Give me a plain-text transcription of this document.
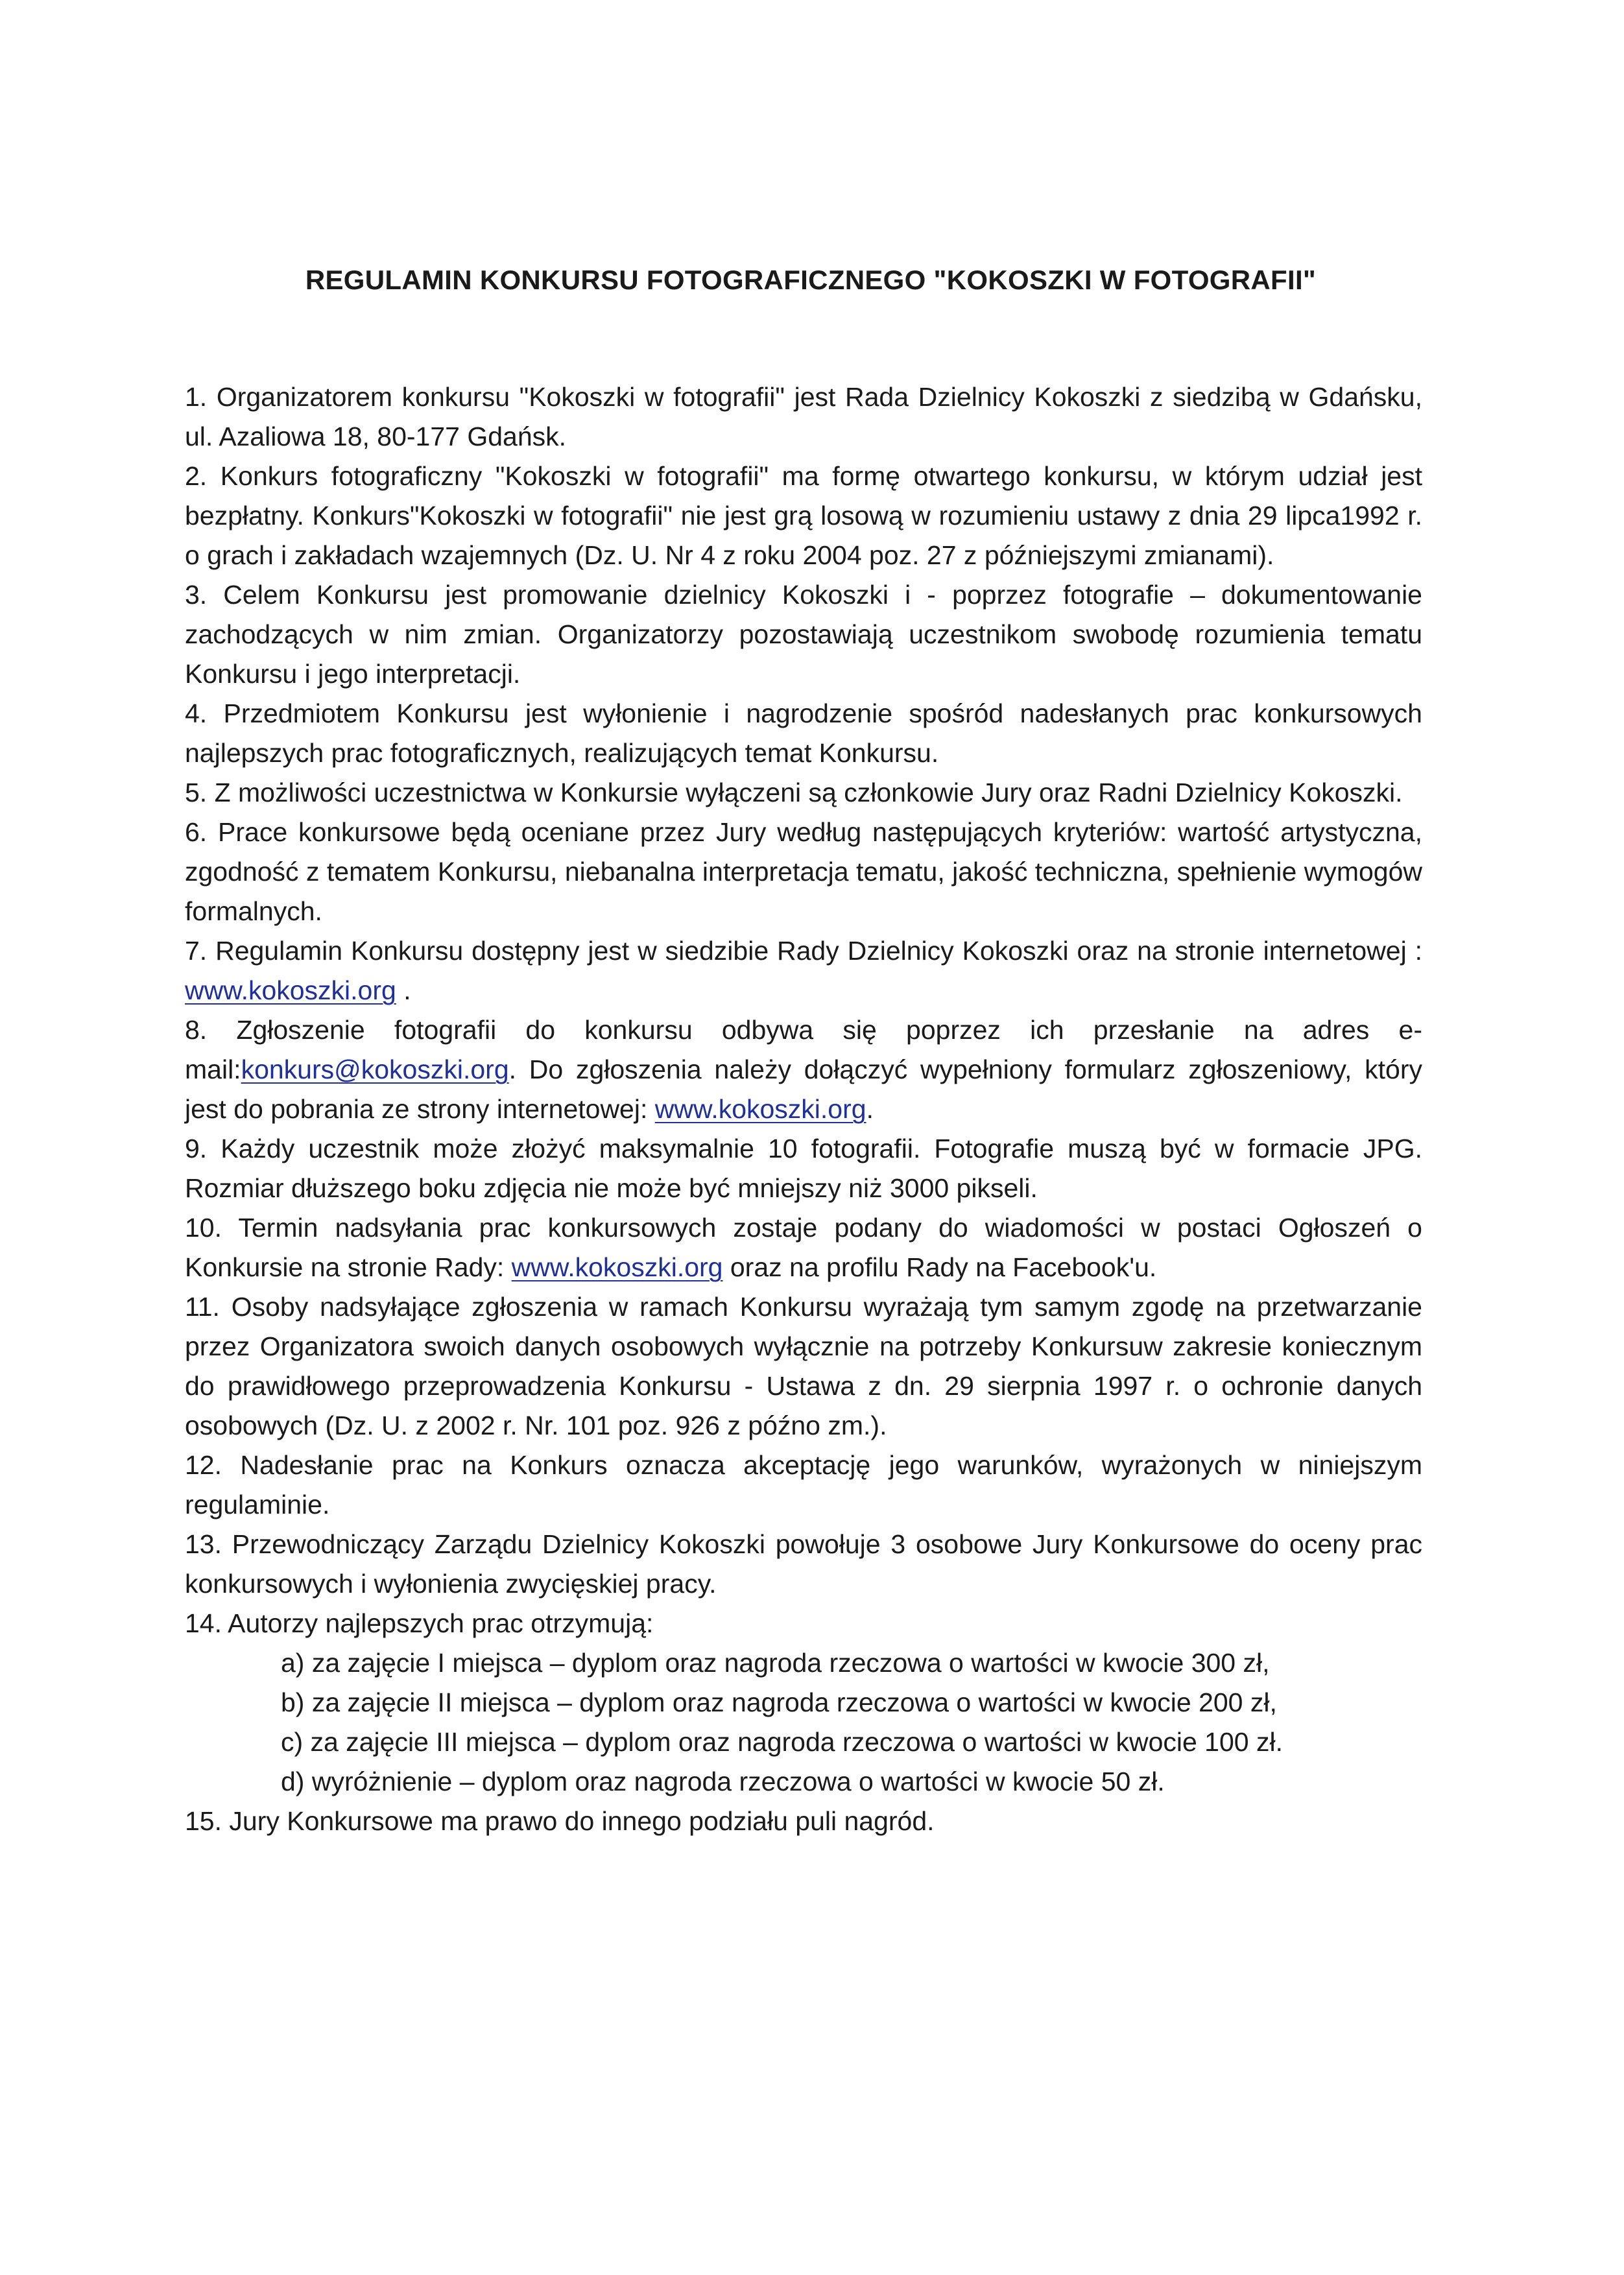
REGULAMIN KONKURSU FOTOGRAFICZNEGO "KOKOSZKI W FOTOGRAFII"

1. Organizatorem konkursu "Kokoszki w fotografii" jest Rada Dzielnicy Kokoszki z siedzibą w Gdańsku, ul. Azaliowa 18, 80-177 Gdańsk.

2. Konkurs fotograficzny "Kokoszki w fotografii" ma formę otwartego konkursu, w którym udział jest bezpłatny. Konkurs"Kokoszki w fotografii" nie jest grą losową w rozumieniu ustawy z dnia 29 lipca1992 r. o grach i zakładach wzajemnych (Dz. U. Nr 4 z roku 2004 poz. 27 z późniejszymi zmianami).

3. Celem Konkursu jest promowanie dzielnicy Kokoszki i - poprzez fotografie – dokumentowanie zachodzących w nim zmian. Organizatorzy pozostawiają uczestnikom swobodę rozumienia tematu Konkursu i jego interpretacji.

4. Przedmiotem Konkursu jest wyłonienie i nagrodzenie spośród nadesłanych prac konkursowych najlepszych prac fotograficznych, realizujących temat Konkursu.

5. Z możliwości uczestnictwa w Konkursie wyłączeni są członkowie Jury oraz Radni Dzielnicy Kokoszki.

6. Prace konkursowe będą oceniane przez Jury według następujących kryteriów: wartość artystyczna, zgodność z tematem Konkursu, niebanalna interpretacja tematu, jakość techniczna, spełnienie wymogów formalnych.

7. Regulamin Konkursu dostępny jest w siedzibie Rady Dzielnicy Kokoszki oraz na stronie internetowej : www.kokoszki.org .

8. Zgłoszenie fotografii do konkursu odbywa się poprzez ich przesłanie na adres e-mail:konkurs@kokoszki.org. Do zgłoszenia należy dołączyć wypełniony formularz zgłoszeniowy, który jest do pobrania ze strony internetowej: www.kokoszki.org.

9. Każdy uczestnik może złożyć maksymalnie 10 fotografii. Fotografie muszą być w formacie JPG. Rozmiar dłuższego boku zdjęcia nie może być mniejszy niż 3000 pikseli.

10. Termin nadsyłania prac konkursowych zostaje podany do wiadomości w postaci Ogłoszeń o Konkursie na stronie Rady: www.kokoszki.org oraz na profilu Rady na Facebook'u.

11. Osoby nadsyłające zgłoszenia w ramach Konkursu wyrażają tym samym zgodę na przetwarzanie przez Organizatora swoich danych osobowych wyłącznie na potrzeby Konkursuw zakresie koniecznym do prawidłowego przeprowadzenia Konkursu - Ustawa z dn. 29 sierpnia 1997 r. o ochronie danych osobowych (Dz. U. z 2002 r. Nr. 101 poz. 926 z późno zm.).

12. Nadesłanie prac na Konkurs oznacza akceptację jego warunków, wyrażonych w niniejszym regulaminie.

13. Przewodniczący Zarządu Dzielnicy Kokoszki powołuje 3 osobowe Jury Konkursowe do oceny prac konkursowych i wyłonienia zwycięskiej pracy.

14. Autorzy najlepszych prac otrzymują:

a) za zajęcie I miejsca – dyplom oraz nagroda rzeczowa o wartości w kwocie 300 zł,

b) za zajęcie II miejsca – dyplom oraz nagroda rzeczowa o wartości w kwocie 200 zł,

c) za zajęcie III miejsca – dyplom oraz nagroda rzeczowa o wartości w kwocie 100 zł.

d) wyróżnienie – dyplom oraz nagroda rzeczowa o wartości w kwocie 50 zł.

15. Jury Konkursowe ma prawo do innego podziału puli nagród.
